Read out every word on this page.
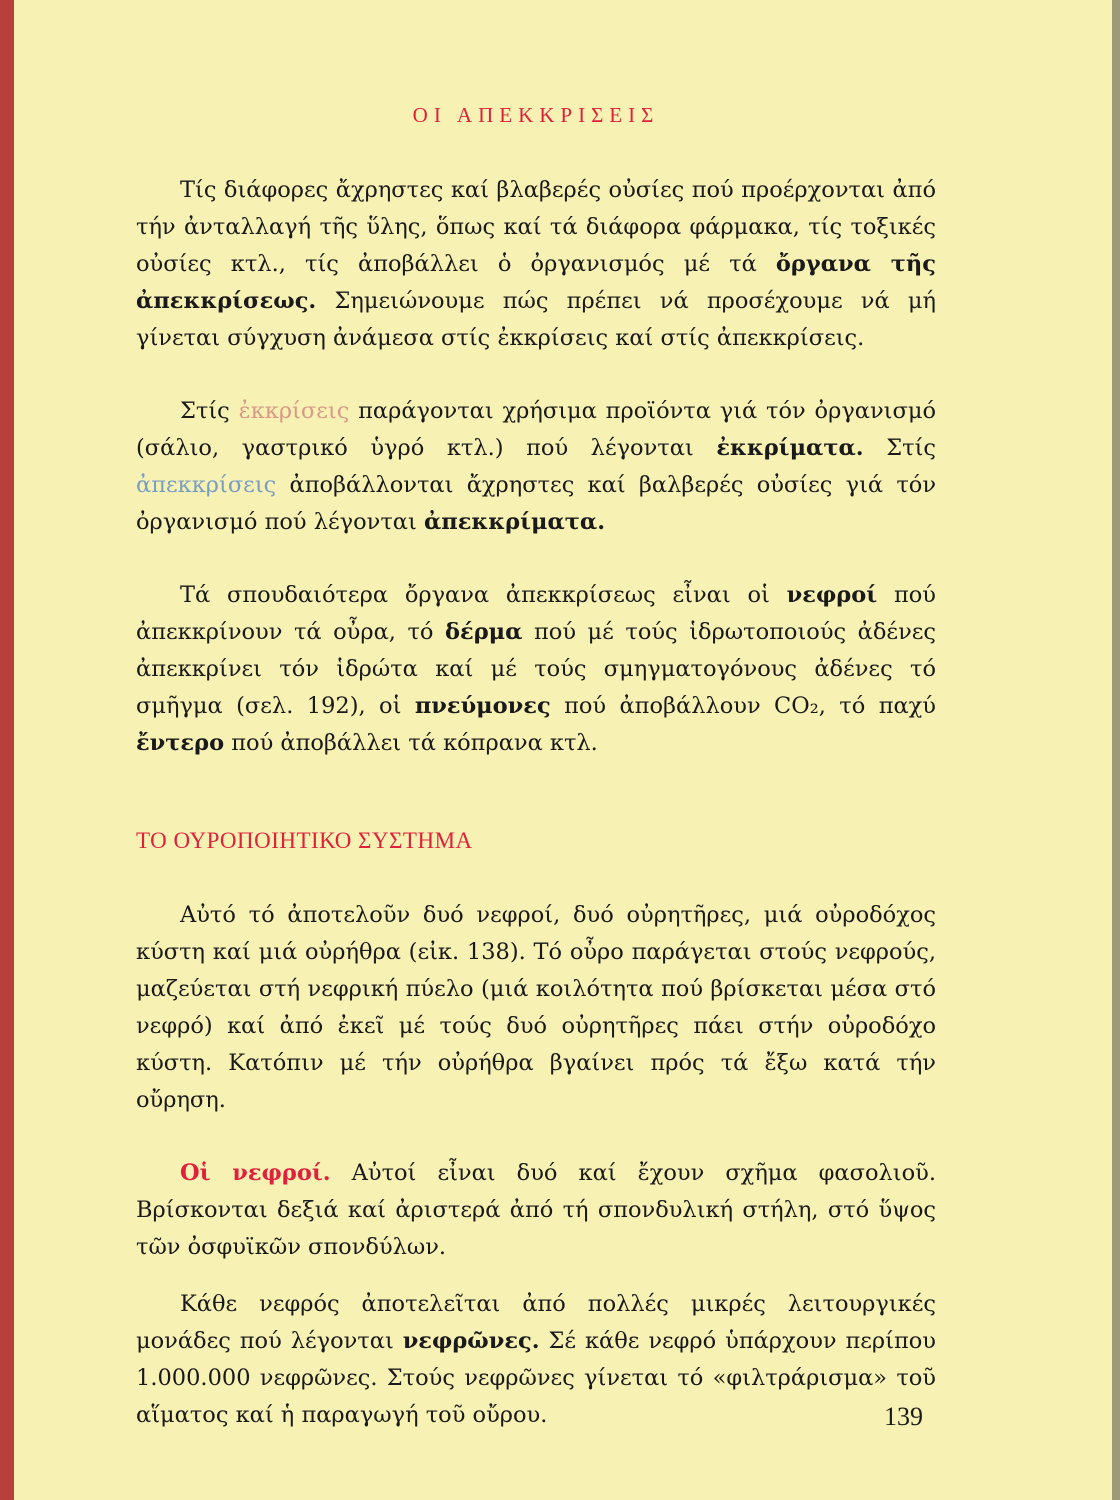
ΟΙ ΑΠΕΚΚΡΙΣΕΙΣ

Τίς διάφορες ἄχρηστες καί βλαβερές οὐσίες πού προέρχονται ἀπό τήν ἀνταλλαγή τῆς ὕλης, ὅπως καί τά διάφορα φάρμακα, τίς τοξικές οὐσίες κτλ., τίς ἀποβάλλει ὁ ὀργανισμός μέ τά ὄργανα τῆς ἀπεκκρίσεως. Σημειώνουμε πώς πρέπει νά προσέχουμε νά μή γίνεται σύγχυση ἀνάμεσα στίς ἐκκρίσεις καί στίς ἀπεκκρίσεις.

Στίς ἐκκρίσεις παράγονται χρήσιμα προϊόντα γιά τόν ὀργανισμό (σάλιο, γαστρικό ὑγρό κτλ.) πού λέγονται ἐκκρίματα. Στίς ἀπεκκρίσεις ἀποβάλλονται ἄχρηστες καί βαλβερές οὐσίες γιά τόν ὀργανισμό πού λέγονται ἀπεκκρίματα.

Τά σπουδαιότερα ὄργανα ἀπεκκρίσεως εἶναι οἱ νεφροί πού ἀπεκκρίνουν τά οὖρα, τό δέρμα πού μέ τούς ἱδρωτοποιούς ἀδένες ἀπεκκρίνει τόν ἱδρώτα καί μέ τούς σμηγματογόνους ἀδένες τό σμῆγμα (σελ. 192), οἱ πνεύμονες πού ἀποβάλλουν CO₂, τό παχύ ἔντερο πού ἀποβάλλει τά κόπρανα κτλ.

ΤΟ ΟΥΡΟΠΟΙΗΤΙΚΟ ΣΥΣΤΗΜΑ

Αὐτό τό ἀποτελοῦν δυό νεφροί, δυό οὐρητῆρες, μιά οὐροδόχος κύστη καί μιά οὐρήθρα (εἰκ. 138). Τό οὖρο παράγεται στούς νεφρούς, μαζεύεται στή νεφρική πύελο (μιά κοιλότητα πού βρίσκεται μέσα στό νεφρό) καί ἀπό ἐκεῖ μέ τούς δυό οὐρητῆρες πάει στήν οὐροδόχο κύστη. Κατόπιν μέ τήν οὐρήθρα βγαίνει πρός τά ἔξω κατά τήν οὔρηση.

Οἱ νεφροί. Αὐτοί εἶναι δυό καί ἔχουν σχῆμα φασολιοῦ. Βρίσκονται δεξιά καί ἀριστερά ἀπό τή σπονδυλική στήλη, στό ὕψος τῶν ὀσφυϊκῶν σπονδύλων.

Κάθε νεφρός ἀποτελεῖται ἀπό πολλές μικρές λειτουργικές μονάδες πού λέγονται νεφρῶνες. Σέ κάθε νεφρό ὑπάρχουν περίπου 1.000.000 νεφρῶνες. Στούς νεφρῶνες γίνεται τό «φιλτράρισμα» τοῦ αἵματος καί ἡ παραγωγή τοῦ οὔρου.	139
